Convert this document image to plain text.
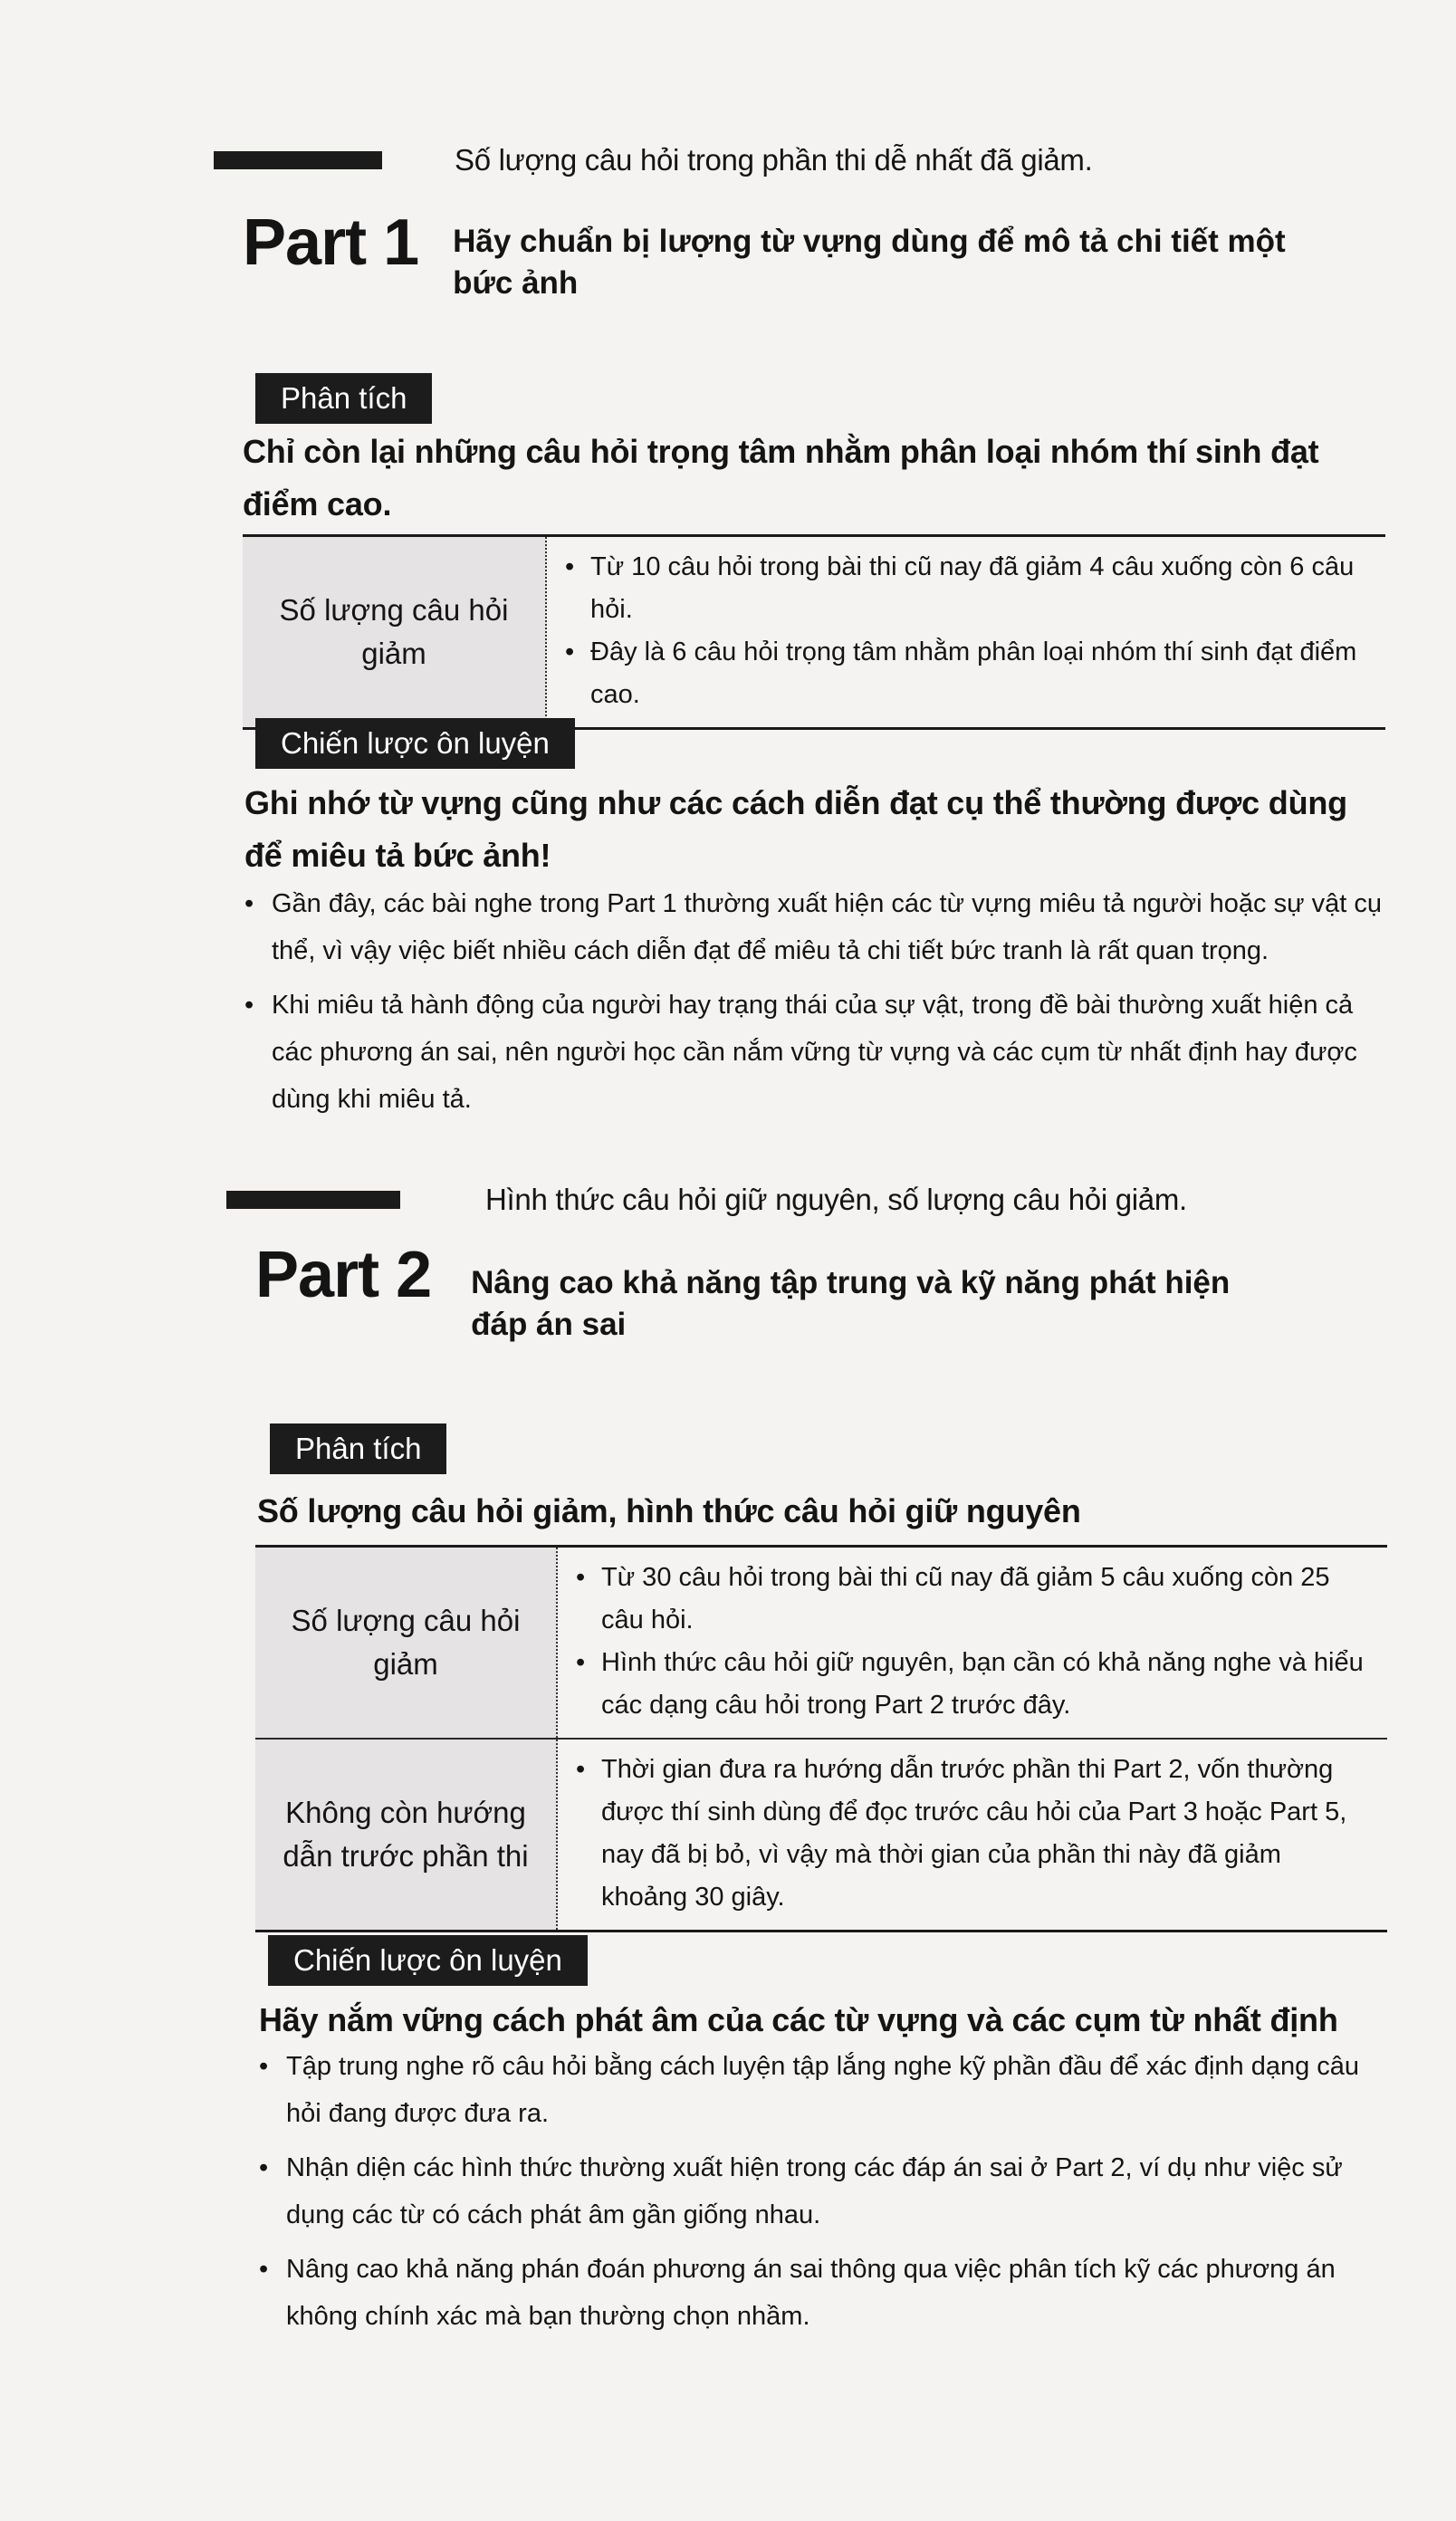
Số lượng câu hỏi trong phần thi dễ nhất đã giảm.
Part 1 Hãy chuẩn bị lượng từ vựng dùng để mô tả chi tiết một bức ảnh
Phân tích
Chỉ còn lại những câu hỏi trọng tâm nhằm phân loại nhóm thí sinh đạt điểm cao.
Số lượng câu hỏi giảm
• Từ 10 câu hỏi trong bài thi cũ nay đã giảm 4 câu xuống còn 6 câu hỏi.
• Đây là 6 câu hỏi trọng tâm nhằm phân loại nhóm thí sinh đạt điểm cao.
Chiến lược ôn luyện
Ghi nhớ từ vựng cũng như các cách diễn đạt cụ thể thường được dùng để miêu tả bức ảnh!
• Gần đây, các bài nghe trong Part 1 thường xuất hiện các từ vựng miêu tả người hoặc sự vật cụ thể, vì vậy việc biết nhiều cách diễn đạt để miêu tả chi tiết bức tranh là rất quan trọng.
• Khi miêu tả hành động của người hay trạng thái của sự vật, trong đề bài thường xuất hiện cả các phương án sai, nên người học cần nắm vững từ vựng và các cụm từ nhất định hay được dùng khi miêu tả.
Hình thức câu hỏi giữ nguyên, số lượng câu hỏi giảm.
Part 2 Nâng cao khả năng tập trung và kỹ năng phát hiện đáp án sai
Phân tích
Số lượng câu hỏi giảm, hình thức câu hỏi giữ nguyên
Số lượng câu hỏi giảm
• Từ 30 câu hỏi trong bài thi cũ nay đã giảm 5 câu xuống còn 25 câu hỏi.
• Hình thức câu hỏi giữ nguyên, bạn cần có khả năng nghe và hiểu các dạng câu hỏi trong Part 2 trước đây.
Không còn hướng dẫn trước phần thi
• Thời gian đưa ra hướng dẫn trước phần thi Part 2, vốn thường được thí sinh dùng để đọc trước câu hỏi của Part 3 hoặc Part 5, nay đã bị bỏ, vì vậy mà thời gian của phần thi này đã giảm khoảng 30 giây.
Chiến lược ôn luyện
Hãy nắm vững cách phát âm của các từ vựng và các cụm từ nhất định
• Tập trung nghe rõ câu hỏi bằng cách luyện tập lắng nghe kỹ phần đầu để xác định dạng câu hỏi đang được đưa ra.
• Nhận diện các hình thức thường xuất hiện trong các đáp án sai ở Part 2, ví dụ như việc sử dụng các từ có cách phát âm gần giống nhau.
• Nâng cao khả năng phán đoán phương án sai thông qua việc phân tích kỹ các phương án không chính xác mà bạn thường chọn nhầm.
